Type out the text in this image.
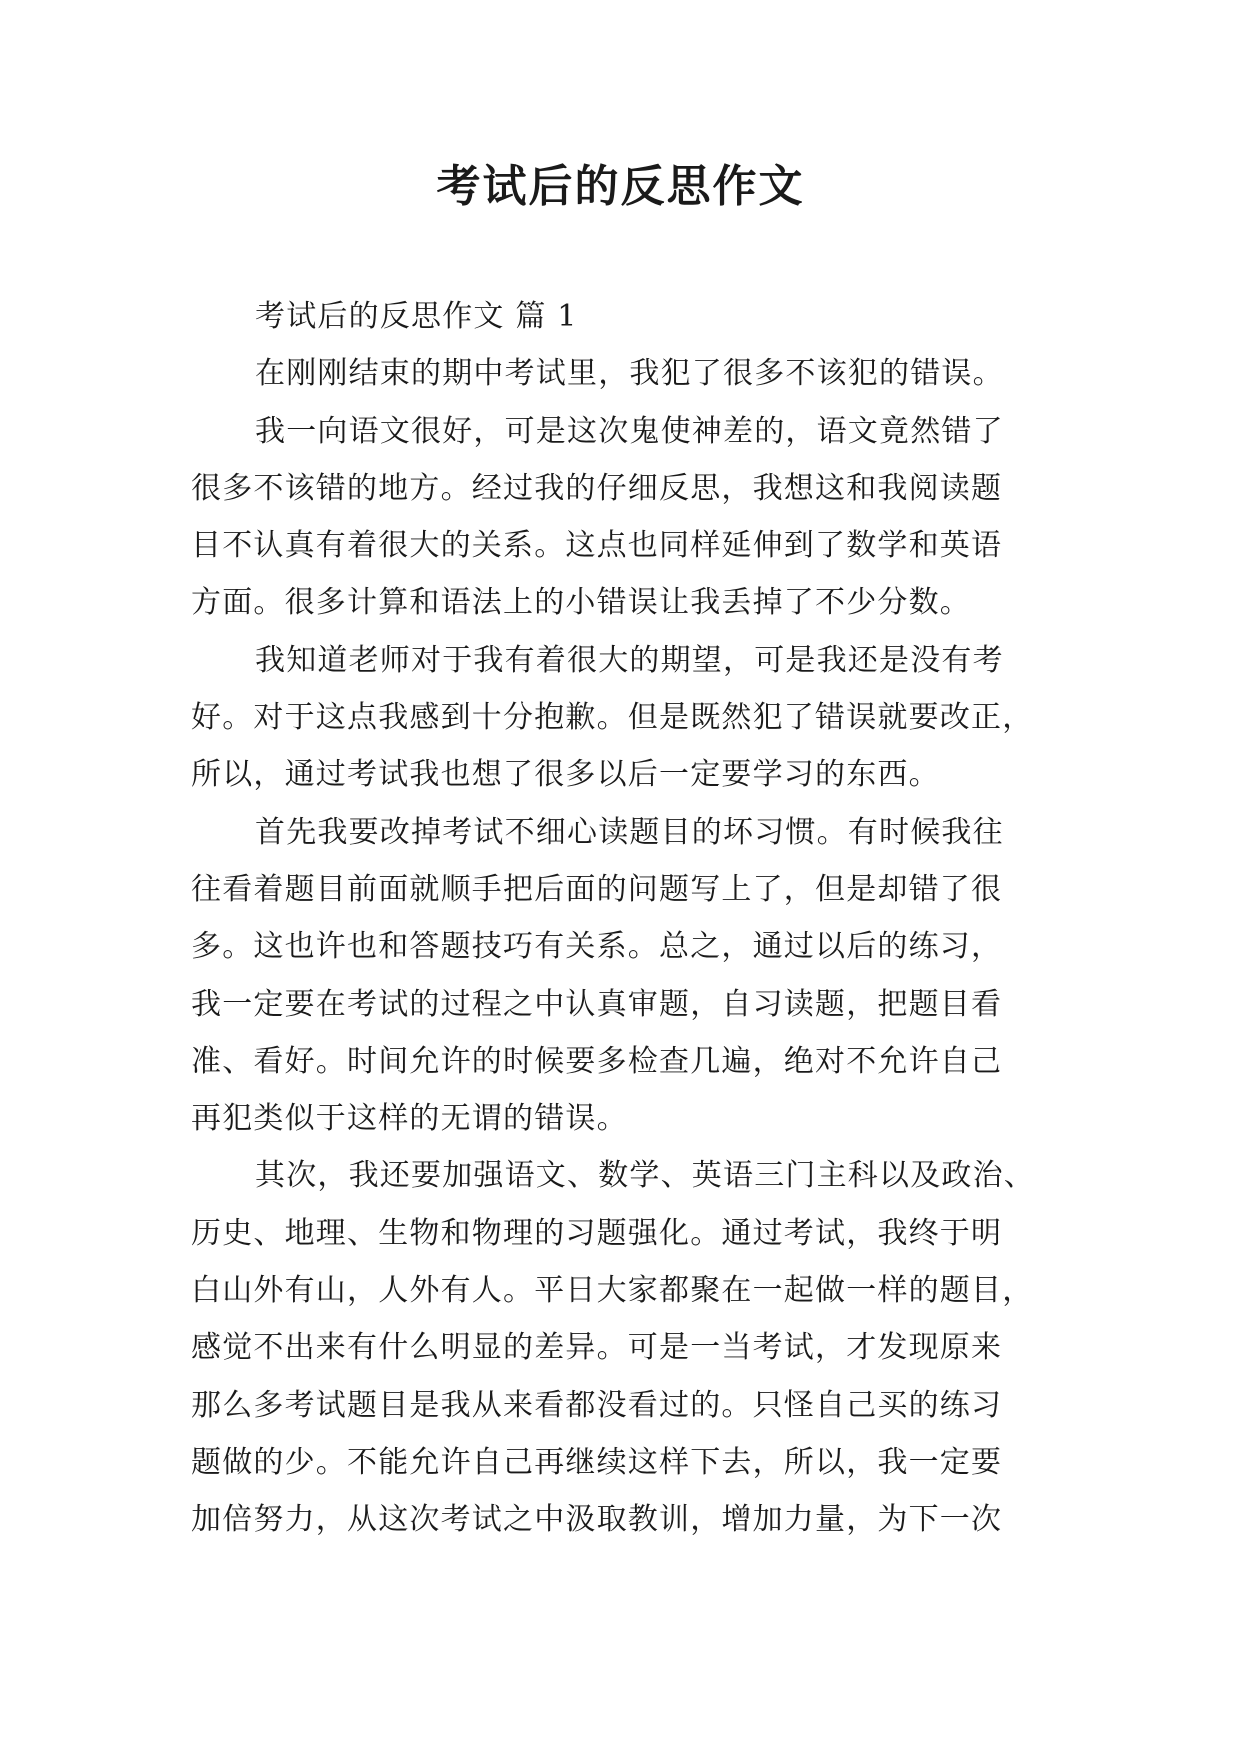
考试后的反思作文
考试后的反思作文 篇 1
在刚刚结束的期中考试里，我犯了很多不该犯的错误。
我一向语文很好，可是这次鬼使神差的，语文竟然错了
很多不该错的地方。经过我的仔细反思，我想这和我阅读题
目不认真有着很大的关系。这点也同样延伸到了数学和英语
方面。很多计算和语法上的小错误让我丢掉了不少分数。
我知道老师对于我有着很大的期望，可是我还是没有考
好。对于这点我感到十分抱歉。但是既然犯了错误就要改正，
所以，通过考试我也想了很多以后一定要学习的东西。
首先我要改掉考试不细心读题目的坏习惯。有时候我往
往看着题目前面就顺手把后面的问题写上了，但是却错了很
多。这也许也和答题技巧有关系。总之，通过以后的练习，
我一定要在考试的过程之中认真审题，自习读题，把题目看
准、看好。时间允许的时候要多检查几遍，绝对不允许自己
再犯类似于这样的无谓的错误。
其次，我还要加强语文、数学、英语三门主科以及政治、
历史、地理、生物和物理的习题强化。通过考试，我终于明
白山外有山，人外有人。平日大家都聚在一起做一样的题目，
感觉不出来有什么明显的差异。可是一当考试，才发现原来
那么多考试题目是我从来看都没看过的。只怪自己买的练习
题做的少。不能允许自己再继续这样下去，所以，我一定要
加倍努力，从这次考试之中汲取教训，增加力量，为下一次
